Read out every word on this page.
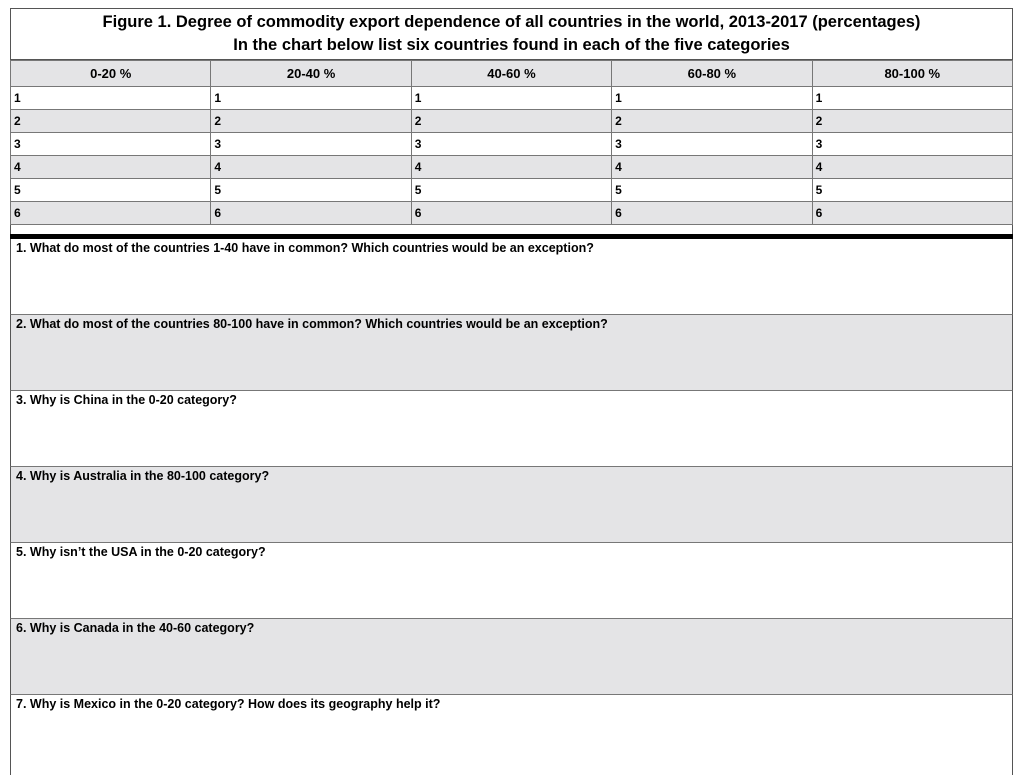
Figure 1. Degree of commodity export dependence of all countries in the world, 2013-2017 (percentages)
In the chart below list six countries found in each of the five categories
0-20 %	20-40 %	40-60 %	60-80 %	80-100 %
1	1	1	1	1
2	2	2	2	2
3	3	3	3	3
4	4	4	4	4
5	5	5	5	5
6	6	6	6	6
1. What do most of the countries 1-40 have in common? Which countries would be an exception?
2. What do most of the countries 80-100 have in common? Which countries would be an exception?
3. Why is China in the 0-20 category?
4. Why is Australia in the 80-100 category?
5. Why isn’t the USA in the 0-20 category?
6. Why is Canada in the 40-60 category?
7. Why is Mexico in the 0-20 category? How does its geography help it?
